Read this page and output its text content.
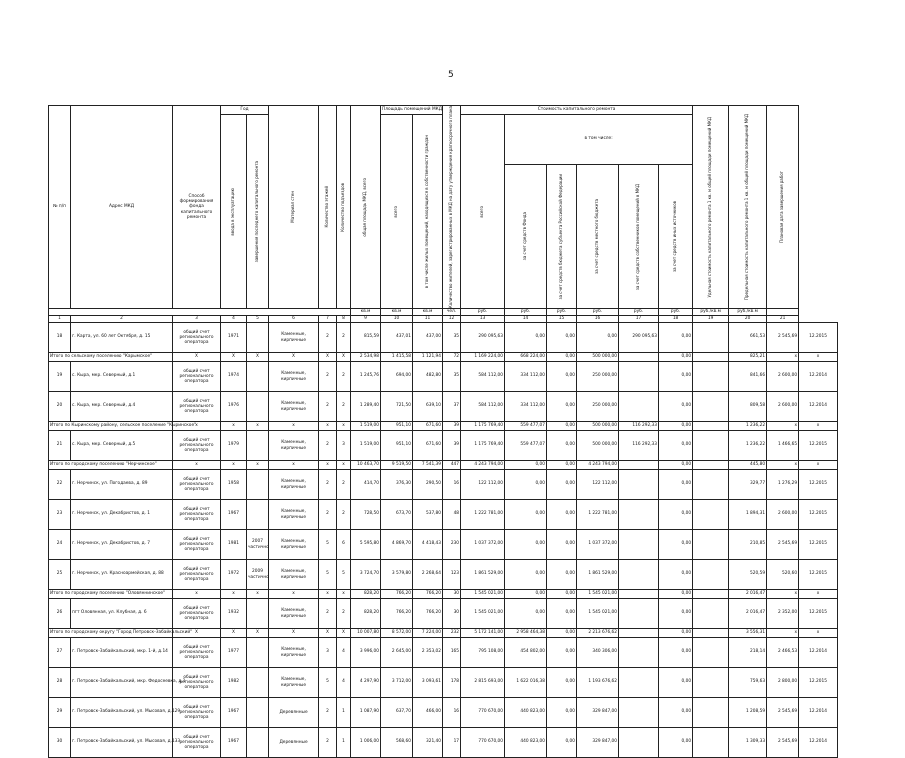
5
№ п/п	Адрес МКД	Способ формирования фонда капитального ремонта	Год		Материал стен	Количество этажей	Количество подъездов	общая площадь МКД, всего	Площадь помещений МКД		Количество жителей, зарегистрированных в МКД на дату утверждения краткосрочного плана	Стоимость капитального ремонта						Удельная стоимость капитального ремонта 1 кв. м общей площади помещений МКД	Предельная стоимость капитального ремонта 1 кв. м общей площади помещений МКД	Плановая дата завершения работ	

			ввода в эксплуатацию	завершения последнего капитального ремонта					всего	в том числе жилых помещений, находящихся в собственности граждан		всего	в том числе:								

													за счет средств Фонда	за счет средств бюджета субъекта Российской Федерации	за счет средств местного бюджета	за счет средств собственников помещений в МКД	за счет средств иных источников				

								кв.м	кв.м	кв.м	чел.	руб.	руб.	руб.	руб.	руб.	руб.	руб./кв.м	руб./кв.м		
1	2	3	4	5	6	7	8	9	10	11	12	13	14	15	16	17	18	19	20	21	
18	г. Карта, ул. 60 лет Октября, д. 15	общий счет регионального оператора	1971		Каменные, кирпичные	2	2	815,59	437,01	437,00	35	290 095,63	0,00	0,00	0,00	290 095,63	0,00		661,53	2 545,69	12.2015
Итого по сельскому поселению "Карымское"		X	X	X	X	X	X	2 534,98	1 415,58	1 121,94	72	1 169 224,00	668 224,00	0,00	500 000,00		0,00		825,21	x	x
19	с. Кыра, мкр. Северный, д.1	общий счет регионального оператора	1974		Каменные, кирпичные	2	2	1 245,76	694,00	482,80	35	584 112,00	334 112,00	0,00	250 000,00		0,00		841,66	2 600,00	12.2014
20	с. Кыра, мкр. Северный, д.4	общий счет регионального оператора	1976		Каменные, кирпичные	2	2	1 289,40	721,50	639,10	37	584 112,00	334 112,00	0,00	250 000,00		0,00		809,58	2 600,00	12.2014
Итого по Кыринскому району, сельское поселение "Кыринское"		x	x	x	x	x	x	1 519,00	951,10	671,60	39	1 175 769,40	559 477,07	0,00	500 000,00	116 292,33	0,00		1 236,22	x	x
21	с. Кыра, мкр. Северный, д.5	общий счет регионального оператора	1979		Каменные, кирпичные	2	3	1 519,00	951,10	671,60	39	1 175 769,40	559 477,07	0,00	500 000,00	116 292,33	0,00		1 236,22	1 466,65	12.2015
Итого по городскому поселению "Нерчинское"		x	x	x	x	x	x	10 463,70	9 519,50	7 541,39	447	4 243 794,00	0,00	0,00	4 243 794,00		0,00		445,80	x	x
22	г. Нерчинск, ул. Погодаева, д. 89	общий счет регионального оператора	1958		Каменные, кирпичные	2	2	414,70	376,30	290,50	16	122 112,00	0,00	0,00	122 112,00		0,00		329,77	1 276,29	12.2015
23	г. Нерчинск, ул. Декабристов, д. 1	общий счет регионального оператора	1967		Каменные, кирпичные	2	2	728,50	673,70	537,80	48	1 222 781,00	0,00	0,00	1 222 781,00		0,00		1 894,31	2 600,00	12.2015
24	г. Нерчинск, ул. Декабристов, д. 7	общий счет регионального оператора	1981	2007 частично	Каменные, кирпичные	5	6	5 595,80	4 869,70	4 418,43	230	1 037 372,00	0,00	0,00	1 037 372,00		0,00		210,85	2 545,69	12.2015
25	г. Нерчинск, ул. Красноармейская, д. 88	общий счет регионального оператора	1972	2009 частично	Каменные, кирпичные	5	5	3 724,70	3 579,80	2 268,64	123	1 861 529,00	0,00	0,00	1 861 529,00		0,00		520,59	520,60	12.2015
Итого по городскому поселению "Оловяннинское"		x	x	x	x	x	x	828,20	766,20	766,20	30	1 545 021,00	0,00	0,00	1 545 021,00		0,00		2 016,47	x	x
26	пгт Оловянная, ул. Клубная, д. 6	общий счет регионального оператора	1932		Каменные, кирпичные	2	2	828,20	766,20	766,20	30	1 545 021,00	0,00	0,00	1 545 021,00		0,00		2 016,47	2 352,00	12.2015
Итого по городскому округу "Город Петровск-Забайкальский"		X	X	X	X	X	X	10 007,80	8 572,00	7 224,00	232	5 172 141,00	2 958 464,38	0,00	2 213 676,62		0,00		3 556,31	x	x
27	г. Петровск-Забайкальский, мкр. 1-й, д.14	общий счет регионального оператора	1977		Каменные, кирпичные	3	4	3 996,00	2 645,00	2 353,02	165	795 108,00	454 802,00	0,00	340 306,00		0,00		218,14	2 466,53	12.2014
28	г. Петровск-Забайкальский, мкр. Федосеевка, д.1	общий счет регионального оператора	1982		Каменные, кирпичные	5	4	4 297,90	3 712,00	3 093,61	178	2 815 693,00	1 622 016,38	0,00	1 193 676,62		0,00		759,63	2 800,00	12.2015
29	г. Петровск-Забайкальский, ул. Мысовая, д.129	общий счет регионального оператора	1967		Деревянные	2	1	1 087,90	637,70	466,00	16	770 670,00	440 823,00	0,00	329 847,00		0,00		1 208,59	2 545,69	12.2014
30	г. Петровск-Забайкальский, ул. Мысовая, д.133	общий счет регионального оператора	1967		Деревянные	2	1	1 006,00	568,60	321,40	17	770 670,00	440 823,00	0,00	329 847,00		0,00		1 309,33	2 545,69	12.2014
